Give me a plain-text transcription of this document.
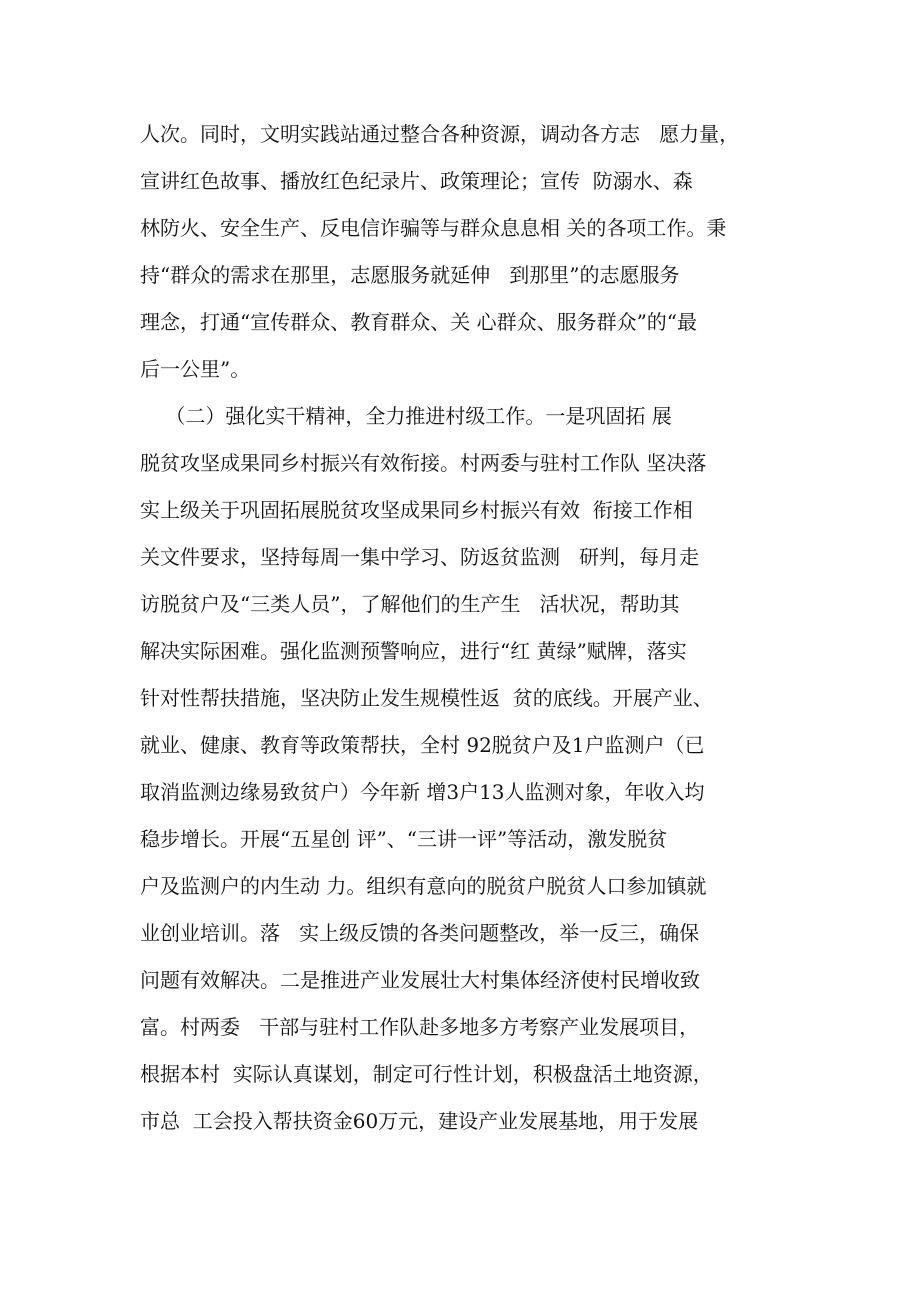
人次。同时，文明实践站通过整合各种资源，调动各方志   愿力量，
宣讲红色故事、播放红色纪录片、政策理论；宣传  防溺水、森
林防火、安全生产、反电信诈骗等与群众息息相 关的各项工作。秉
持“群众的需求在那里，志愿服务就延伸   到那里”的志愿服务
理念，打通“宣传群众、教育群众、关 心群众、服务群众”的“最
后一公里”。
（二）强化实干精神，全力推进村级工作。一是巩固拓 展
脱贫攻坚成果同乡村振兴有效衔接。村两委与驻村工作队 坚决落
实上级关于巩固拓展脱贫攻坚成果同乡村振兴有效  衔接工作相
关文件要求，坚持每周一集中学习、防返贫监测   研判，每月走
访脱贫户及“三类人员”，了解他们的生产生   活状况，帮助其
解决实际困难。强化监测预警响应，进行“红 黄绿”赋牌，落实
针对性帮扶措施，坚决防止发生规模性返  贫的底线。开展产业、
就业、健康、教育等政策帮扶，全村 92脱贫户及1户监测户（已
取消监测边缘易致贫户）今年新 增3户13人监测对象，年收入均
稳步增长。开展“五星创 评”、“三讲一评”等活动，激发脱贫
户及监测户的内生动 力。组织有意向的脱贫户脱贫人口参加镇就
业创业培训。落   实上级反馈的各类问题整改，举一反三，确保
问题有效解决。二是推进产业发展壮大村集体经济使村民增收致
富。村两委   干部与驻村工作队赴多地多方考察产业发展项目，
根据本村  实际认真谋划，制定可行性计划，积极盘活土地资源，
市总  工会投入帮扶资金60万元，建设产业发展基地，用于发展
